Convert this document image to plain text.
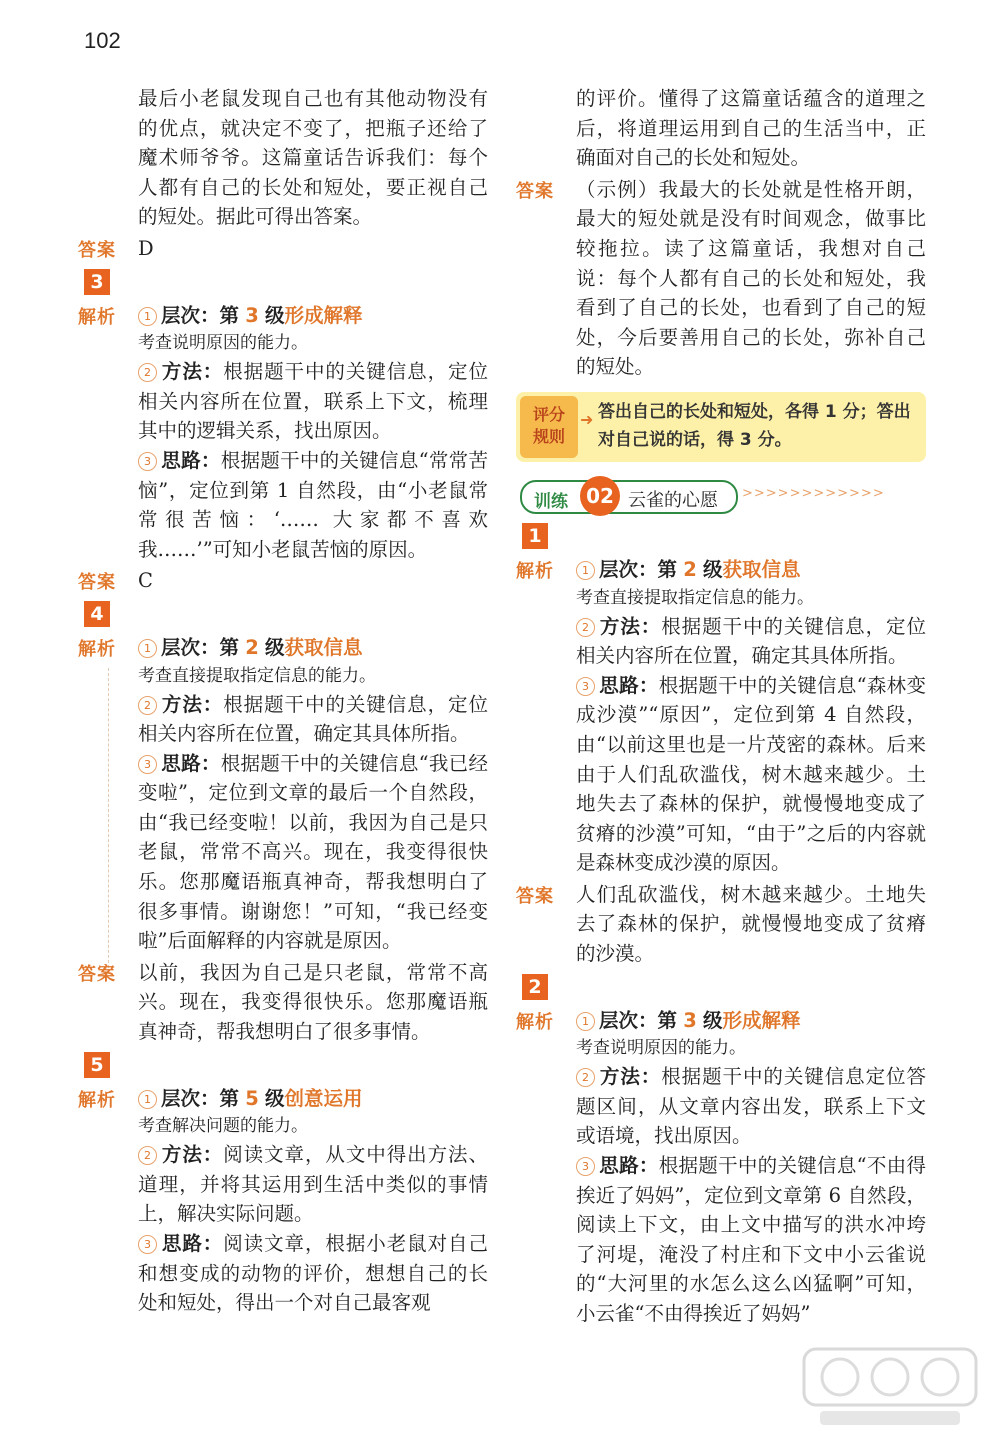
102
最后小老鼠发现自己也有其他动物没有的优点，就决定不变了，把瓶子还给了魔术师爷爷。这篇童话告诉我们：每个人都有自己的长处和短处，要正视自己的短处。据此可得出答案。
答案 D
3
解析	1 层次：第 3 级形成解释
考查说明原因的能力。
2 方法：根据题干中的关键信息，定位相关内容所在位置，联系上下文，梳理其中的逻辑关系，找出原因。
3 思路：根据题干中的关键信息“常常苦恼”，定位到第 1 自然段，由“小老鼠常常很苦恼：‘…… 大家都不喜欢我……’”可知小老鼠苦恼的原因。
答案 C
4
解析	1 层次：第 2 级获取信息
考查直接提取指定信息的能力。
2 方法：根据题干中的关键信息，定位相关内容所在位置，确定其具体所指。
3 思路：根据题干中的关键信息“我已经变啦”，定位到文章的最后一个自然段，由“我已经变啦！以前，我因为自己是只老鼠，常常不高兴。现在，我变得很快乐。您那魔语瓶真神奇，帮我想明白了很多事情。谢谢您！”可知，“我已经变啦”后面解释的内容就是原因。
答案 以前，我因为自己是只老鼠，常常不高兴。现在，我变得很快乐。您那魔语瓶真神奇，帮我想明白了很多事情。
5
解析	1 层次：第 5 级创意运用
考查解决问题的能力。
2 方法：阅读文章，从文中得出方法、道理，并将其运用到生活中类似的事情上，解决实际问题。
3 思路：阅读文章，根据小老鼠对自己和想变成的动物的评价，想想自己的长处和短处，得出一个对自己最客观
的评价。懂得了这篇童话蕴含的道理之后，将道理运用到自己的生活当中，正确面对自己的长处和短处。
答案 （示例）我最大的长处就是性格开朗，最大的短处就是没有时间观念，做事比较拖拉。读了这篇童话，我想对自己说：每个人都有自己的长处和短处，我看到了自己的长处，也看到了自己的短处，今后要善用自己的长处，弥补自己的短处。
评分
规则
➜ 答出自己的长处和短处，各得 1 分；答出对自己说的话，得 3 分。
训练 02 云雀的心愿 >>>>>>>>>>>>
1
解析	1 层次：第 2 级获取信息
考查直接提取指定信息的能力。
2 方法：根据题干中的关键信息，定位相关内容所在位置，确定其具体所指。
3 思路：根据题干中的关键信息“森林变成沙漠”“原因”，定位到第 4 自然段，由“以前这里也是一片茂密的森林。后来由于人们乱砍滥伐，树木越来越少。土地失去了森林的保护，就慢慢地变成了贫瘠的沙漠”可知，“由于”之后的内容就是森林变成沙漠的原因。
答案 人们乱砍滥伐，树木越来越少。土地失去了森林的保护，就慢慢地变成了贫瘠的沙漠。
2
解析	1 层次：第 3 级形成解释
考查说明原因的能力。
2 方法：根据题干中的关键信息定位答题区间，从文章内容出发，联系上下文或语境，找出原因。
3 思路：根据题干中的关键信息“不由得挨近了妈妈”，定位到文章第 6 自然段，阅读上下文，由上文中描写的洪水冲垮了河堤，淹没了村庄和下文中小云雀说的“大河里的水怎么这么凶猛啊”可知，小云雀“不由得挨近了妈妈”
